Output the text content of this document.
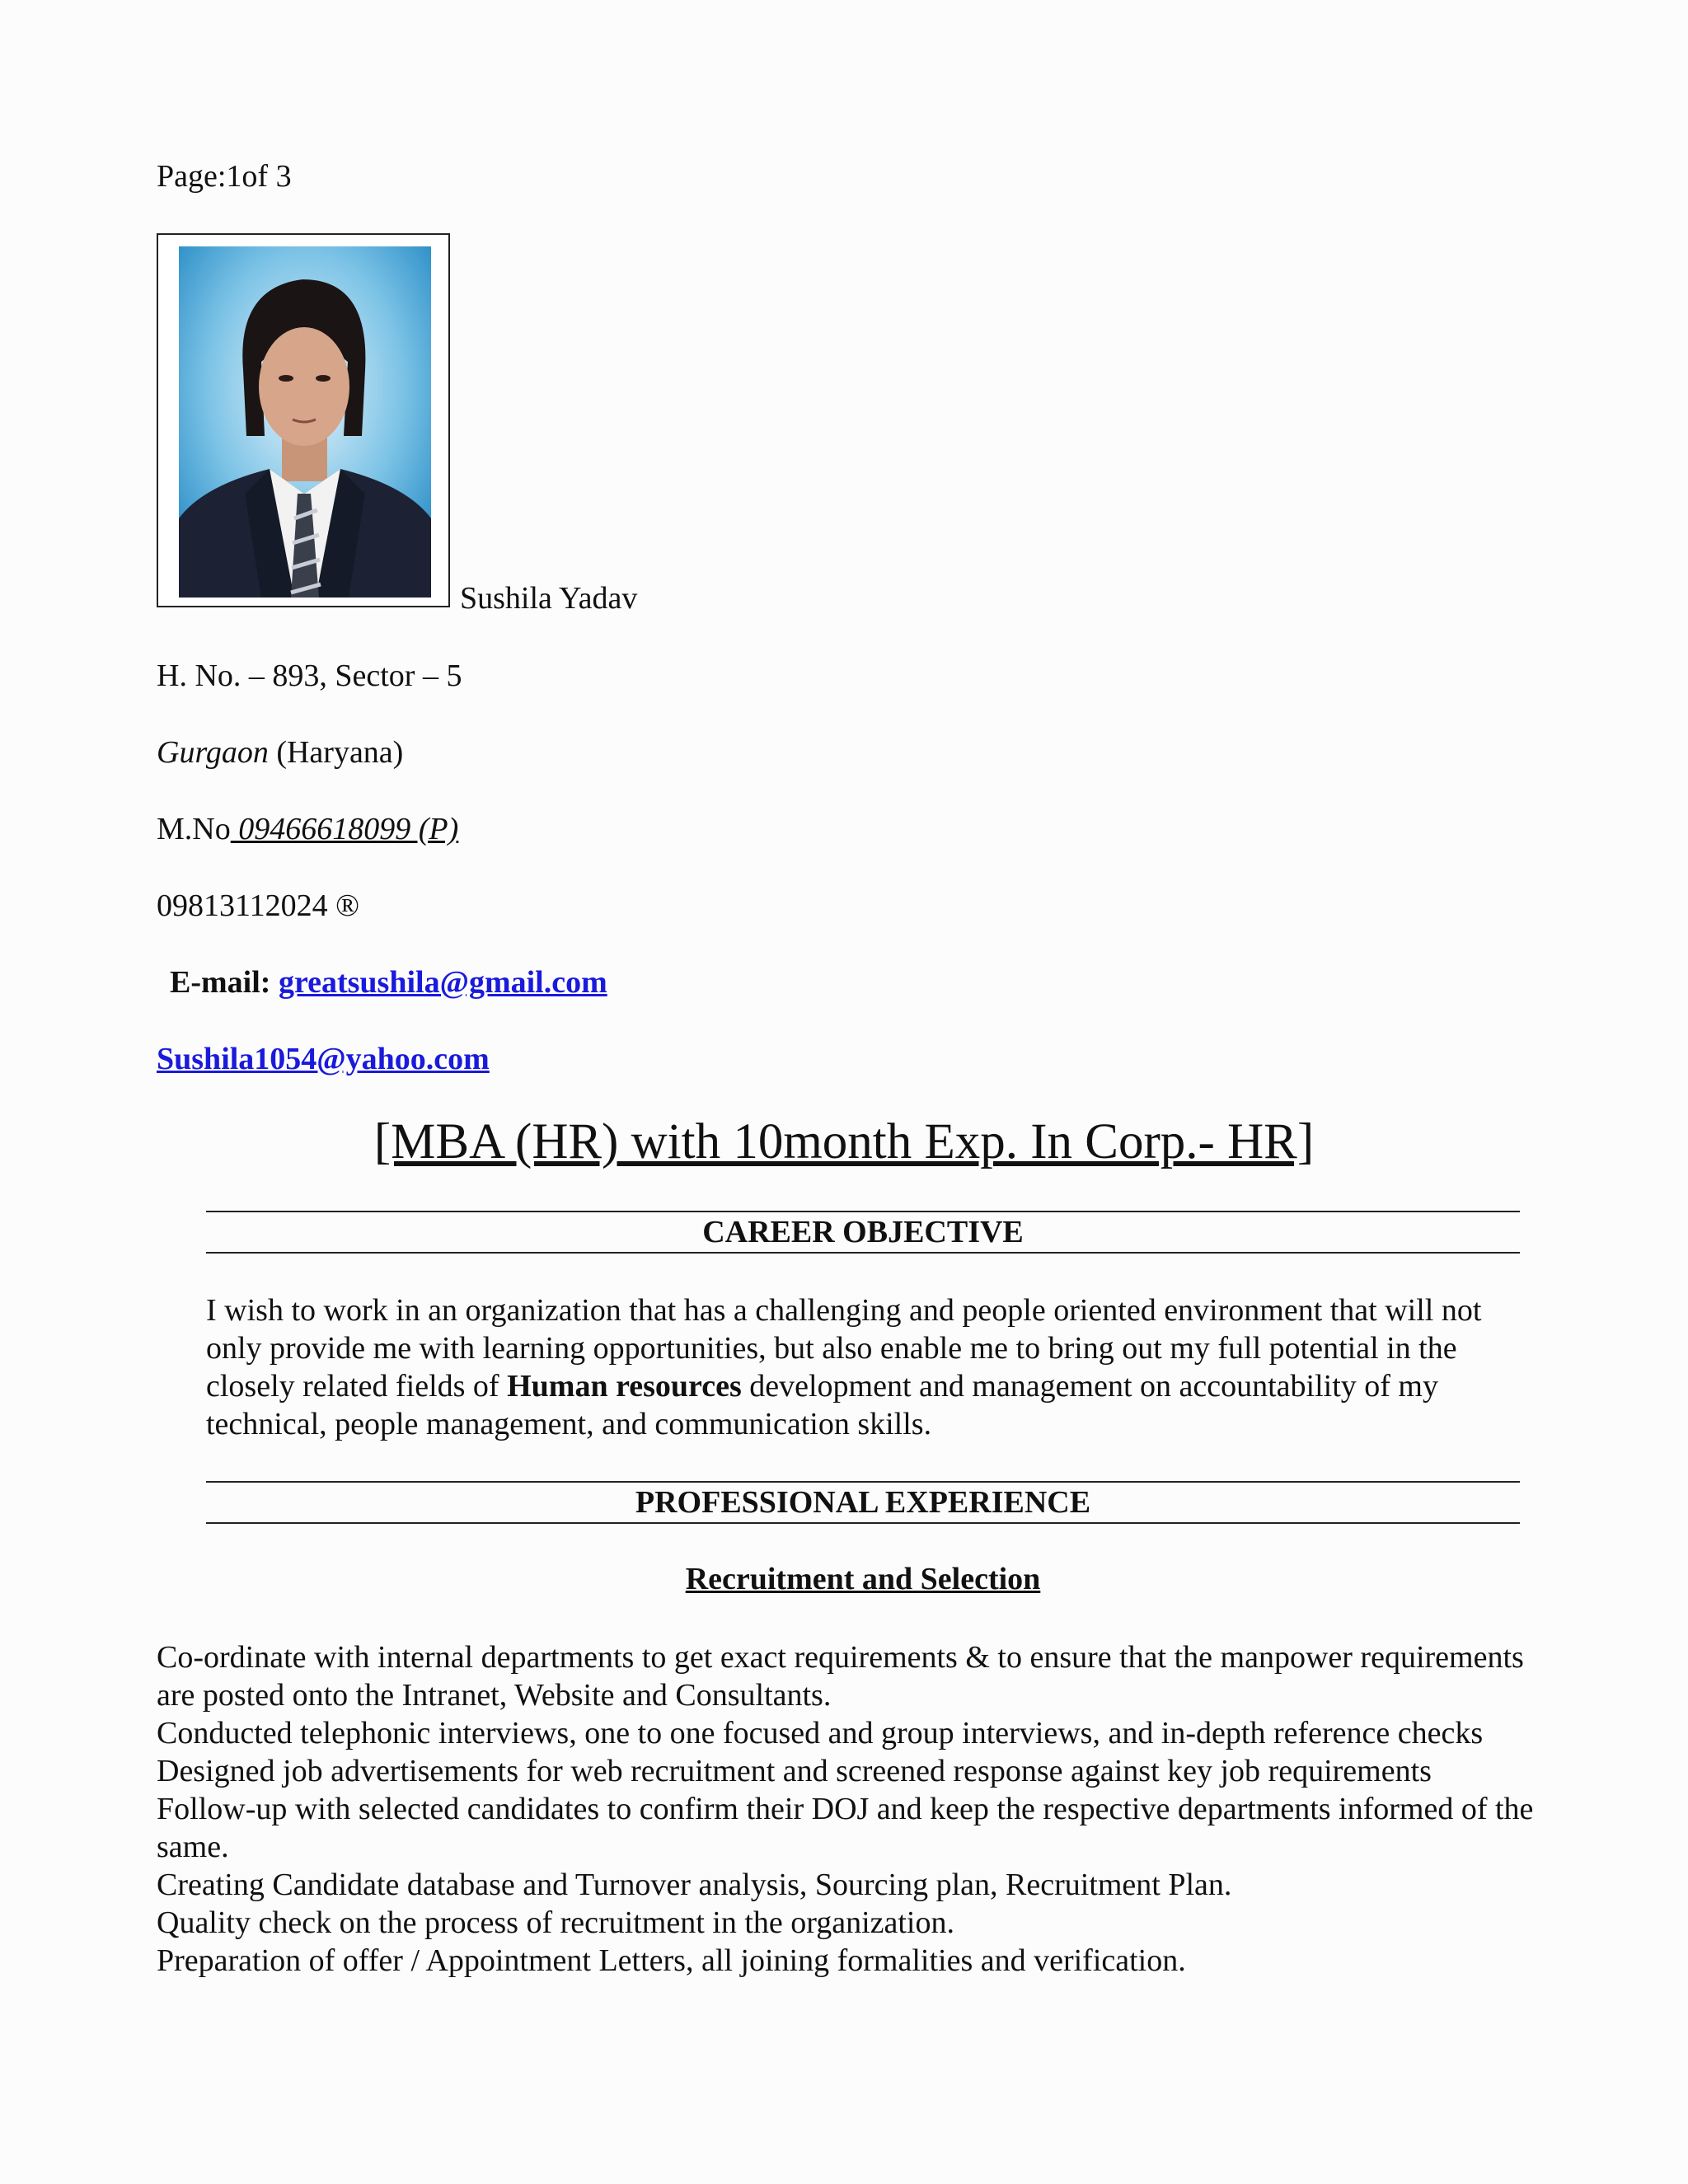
Page:1of 3
Sushila Yadav
H. No. – 893, Sector – 5
Gurgaon (Haryana)
M.No 09466618099 (P)
09813112024 ®
E-mail: greatsushila@gmail.com
Sushila1054@yahoo.com
[MBA (HR) with 10month Exp. In Corp.- HR]
CAREER OBJECTIVE
I wish to work in an organization that has a challenging and people oriented environment that will not only provide me with learning opportunities, but also enable me to bring out my full potential in the closely related fields of Human resources development and management on accountability of my technical, people management, and communication skills.
PROFESSIONAL EXPERIENCE
Recruitment and Selection
Co-ordinate with internal departments to get exact requirements & to ensure that the manpower requirements are posted onto the Intranet, Website and Consultants.
Conducted telephonic interviews, one to one focused and group interviews, and in-depth reference checks
Designed job advertisements for web recruitment and screened response against key job requirements
Follow-up with selected candidates to confirm their DOJ and keep the respective departments informed of the same.
Creating Candidate database and Turnover analysis, Sourcing plan, Recruitment Plan.
Quality check on the process of recruitment in the organization.
Preparation of offer / Appointment Letters, all joining formalities and verification.
